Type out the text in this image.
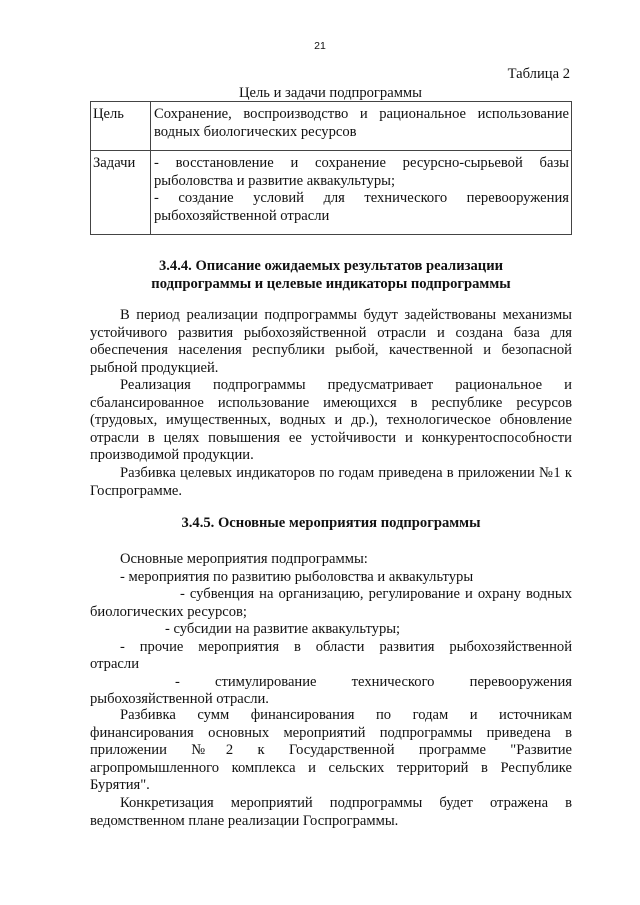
21
Таблица 2
Цель и задачи подпрограммы
Цель	Сохранение, воспроизводство и рациональное использование водных биологических ресурсов
Задачи	- восстановление и сохранение ресурсно-сырьевой базы рыболовства и развитие аквакультуры;
- создание условий для технического перевооружения рыбохозяйственной отрасли
3.4.4. Описание ожидаемых результатов реализации
подпрограммы и целевые индикаторы подпрограммы

В период реализации подпрограммы будут задействованы механизмы устойчивого развития рыбохозяйственной отрасли и создана база для обеспечения населения республики рыбой, качественной и безопасной рыбной продукцией.

Реализация подпрограммы предусматривает рациональное и сбалансированное использование имеющихся в республике ресурсов (трудовых, имущественных, водных и др.), технологическое обновление отрасли в целях повышения ее устойчивости и конкурентоспособности производимой продукции.

Разбивка целевых индикаторов по годам приведена в приложении №1 к Госпрограмме.

3.4.5. Основные мероприятия подпрограммы
Основные мероприятия подпрограммы:
- мероприятия по развитию рыболовства и аквакультуры
- субвенция на организацию, регулирование и охрану водных
биологических ресурсов;
- субсидии на развитие аквакультуры;
- прочие мероприятия в области развития рыбохозяйственной
отрасли
- стимулирование технического перевооружения
рыбохозяйственной отрасли.

Разбивка сумм финансирования по годам и источникам финансирования основных мероприятий подпрограммы приведена в приложении №2 к Государственной программе "Развитие агропромышленного комплекса и сельских территорий в Республике Бурятия".

Конкретизация мероприятий подпрограммы будет отражена в ведомственном плане реализации Госпрограммы.
